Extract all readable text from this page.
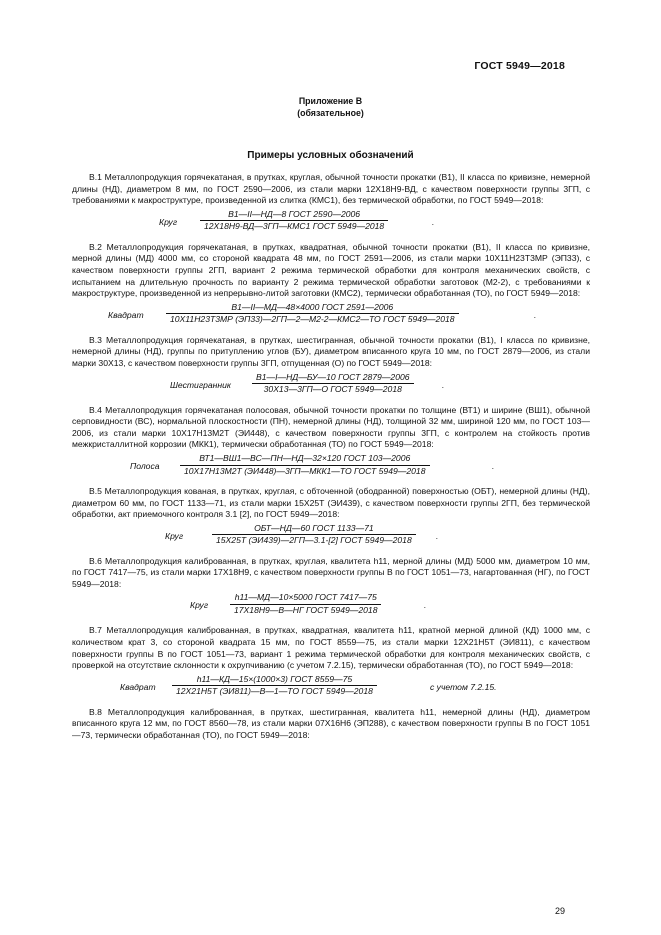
ГОСТ 5949—2018
Приложение В
(обязательное)
Примеры условных обозначений

В.1 Металлопродукция горячекатаная, в прутках, круглая, обычной точности прокатки (В1), II класса по кривизне, немерной длины (НД), диаметром 8 мм, по ГОСТ 2590—2006, из стали марки 12Х18Н9-ВД, с качеством поверхности группы 3ГП, с требованиями к макроструктуре, произведенной из слитка (КМС1), без термической обработки, по ГОСТ 5949—2018:

Круг
В1—II—НД—8 ГОСТ 2590—2006
12Х18Н9-ВД—3ГП—КМС1 ГОСТ 5949—2018	.

В.2 Металлопродукция горячекатаная, в прутках, квадратная, обычной точности прокатки (В1), II класса по кривизне, мерной длины (МД) 4000 мм, со стороной квадрата 48 мм, по ГОСТ 2591—2006, из стали марки 10Х11Н23Т3МР (ЭП33), с качеством поверхности группы 2ГП, вариант 2 режима термической обработки для контроля механических свойств, с испытанием на длительную прочность по варианту 2 режима термической обработки заготовок (М2-2), с требованиями к макроструктуре, произведенной из непрерывно-литой заготовки (КМС2), термически обработанная (ТО), по ГОСТ 5949—2018:

Квадрат
В1—II—МД—48×4000 ГОСТ 2591—2006
10Х11Н23Т3МР (ЭП33)—2ГП—2—М2-2—КМС2—ТО ГОСТ 5949—2018	.

В.3 Металлопродукция горячекатаная, в прутках, шестигранная, обычной точности прокатки (В1), I класса по кривизне, немерной длины (НД), группы по притуплению углов (БУ), диаметром вписанного круга 10 мм, по ГОСТ 2879—2006, из стали марки 30Х13, с качеством поверхности группы 3ГП, отпущенная (О) по ГОСТ 5949—2018:

Шестигранник
В1—I—НД—БУ—10 ГОСТ 2879—2006
30Х13—3ГП—О ГОСТ 5949—2018	.

В.4 Металлопродукция горячекатаная полосовая, обычной точности прокатки по толщине (ВТ1) и ширине (ВШ1), обычной серповидности (ВС), нормальной плоскостности (ПН), немерной длины (НД), толщиной 32 мм, шириной 120 мм, по ГОСТ 103—2006, из стали марки 10Х17Н13М2Т (ЭИ448), с качеством поверхности группы 3ГП, с контролем на стойкость против межкристаллитной коррозии (МКК1), термически обработанная (ТО) по ГОСТ 5949—2018:

Полоса
ВТ1—ВШ1—ВС—ПН—НД—32×120 ГОСТ 103—2006
10Х17Н13М2Т (ЭИ448)—3ГП—МКК1—ТО ГОСТ 5949—2018	.

В.5 Металлопродукция кованая, в прутках, круглая, с обточенной (ободранной) поверхностью (ОБТ), немерной длины (НД), диаметром 60 мм, по ГОСТ 1133—71, из стали марки 15Х25Т (ЭИ439), с качеством поверхности группы 2ГП, без термической обработки, акт приемочного контроля 3.1 [2], по ГОСТ 5949—2018:

Круг
ОБТ—НД—60 ГОСТ 1133—71
15Х25Т (ЭИ439)—2ГП—3.1-[2] ГОСТ 5949—2018	.

В.6 Металлопродукция калиброванная, в прутках, круглая, квалитета h11, мерной длины (МД) 5000 мм, диаметром 10 мм, по ГОСТ 7417—75, из стали марки 17Х18Н9, с качеством поверхности группы В по ГОСТ 1051—73, нагартованная (НГ), по ГОСТ 5949—2018:

Круг
h11—МД—10×5000 ГОСТ 7417—75
17Х18Н9—В—НГ ГОСТ 5949—2018	.

В.7 Металлопродукция калиброванная, в прутках, квадратная, квалитета h11, кратной мерной длиной (КД) 1000 мм, с количеством крат 3, со стороной квадрата 15 мм, по ГОСТ 8559—75, из стали марки 12Х21Н5Т (ЭИ811), с качеством поверхности группы В по ГОСТ 1051—73, вариант 1 режима термической обработки для контроля механических свойств, с проверкой на отсутствие склонности к охрупчиванию (с учетом 7.2.15), термически обработанная (ТО), по ГОСТ 5949—2018:

Квадрат
h11—КД—15×(1000×3) ГОСТ 8559—75
12Х21Н5Т (ЭИ811)—В—1—ТО ГОСТ 5949—2018	с учетом 7.2.15.

В.8 Металлопродукция калиброванная, в прутках, шестигранная, квалитета h11, немерной длины (НД), диаметром вписанного круга 12 мм, по ГОСТ 8560—78, из стали марки 07Х16Н6 (ЭП288), с качеством поверхности группы В по ГОСТ 1051—73, термически обработанная (ТО), по ГОСТ 5949—2018:

29
